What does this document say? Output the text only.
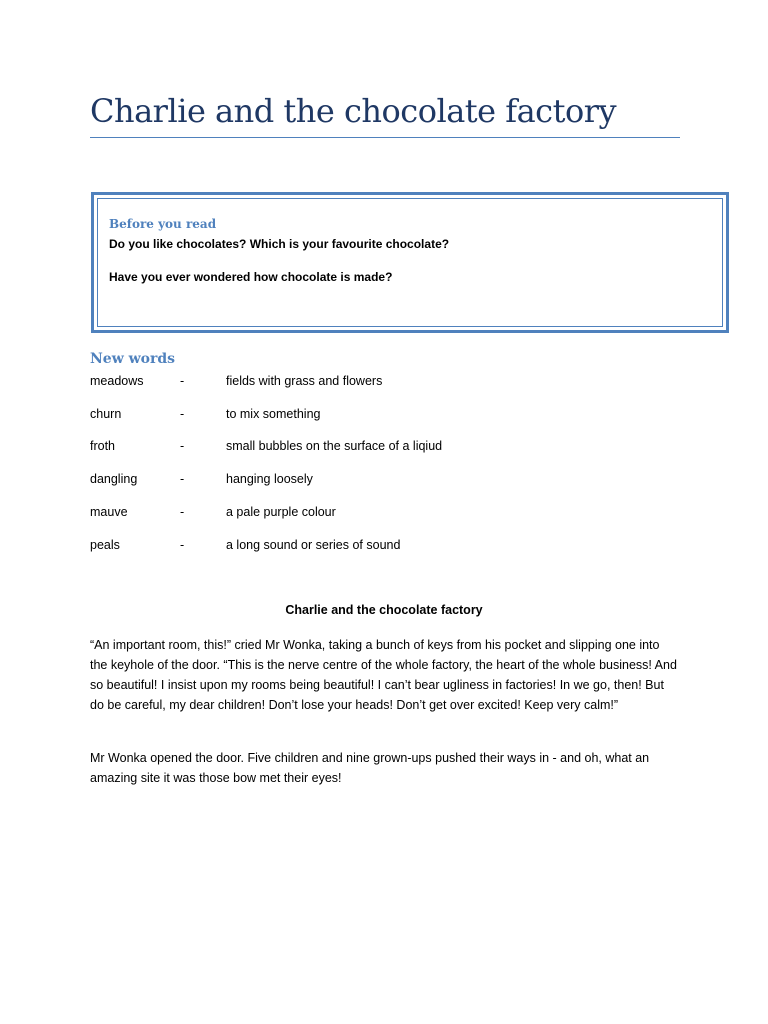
Charlie and the chocolate factory

Before you read

Do you like chocolates? Which is your favourite chocolate?

Have you ever wondered how chocolate is made?

New words
meadows	-	fields with grass and flowers
churn	-	to mix something
froth	-	small bubbles on the surface of a liqiud
dangling	-	hanging loosely
mauve	-	a pale purple colour
peals	-	a long sound or series of sound

Charlie and the chocolate factory

“An important room, this!” cried Mr Wonka, taking a bunch of keys from his pocket and slipping one into the keyhole of the door. “This is the nerve centre of the whole factory, the heart of the whole business! And so beautiful! I insist upon my rooms being beautiful! I can’t bear ugliness in factories! In we go, then! But do be careful, my dear children! Don’t lose your heads! Don’t get over excited! Keep very calm!”

Mr Wonka opened the door. Five children and nine grown-ups pushed their ways in - and oh, what an amazing site it was those bow met their eyes!
